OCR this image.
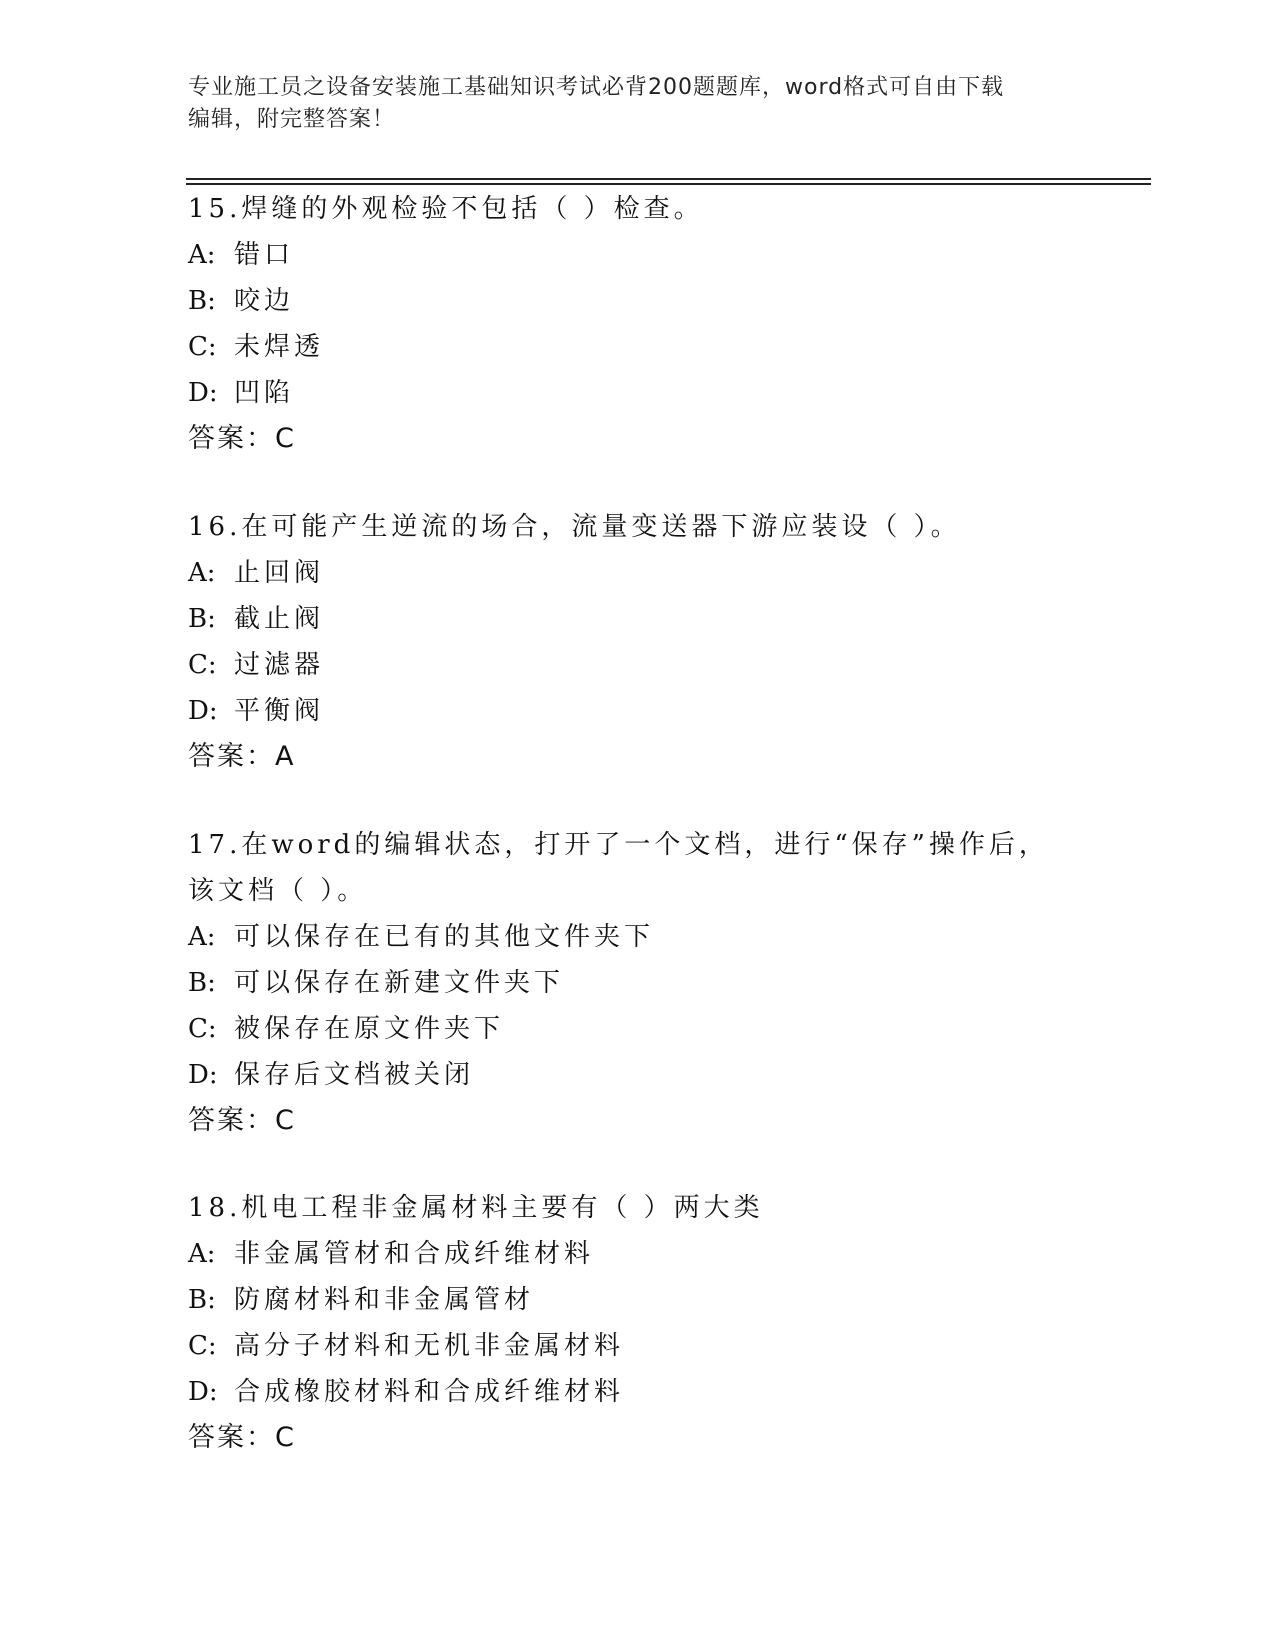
专业施工员之设备安装施工基础知识考试必背200题题库，word格式可自由下载
编辑，附完整答案！
15.焊缝的外观检验不包括（ ）检查。
A: 错口
B: 咬边
C: 未焊透
D: 凹陷
答案：C
16.在可能产生逆流的场合，流量变送器下游应装设（ ）。
A: 止回阀
B: 截止阀
C: 过滤器
D: 平衡阀
答案：A
17.在word的编辑状态，打开了一个文档，进行“保存”操作后，该文档（ ）。
A: 可以保存在已有的其他文件夹下
B: 可以保存在新建文件夹下
C: 被保存在原文件夹下
D: 保存后文档被关闭
答案：C
18.机电工程非金属材料主要有（ ）两大类
A: 非金属管材和合成纤维材料
B: 防腐材料和非金属管材
C: 高分子材料和无机非金属材料
D: 合成橡胶材料和合成纤维材料
答案：C
